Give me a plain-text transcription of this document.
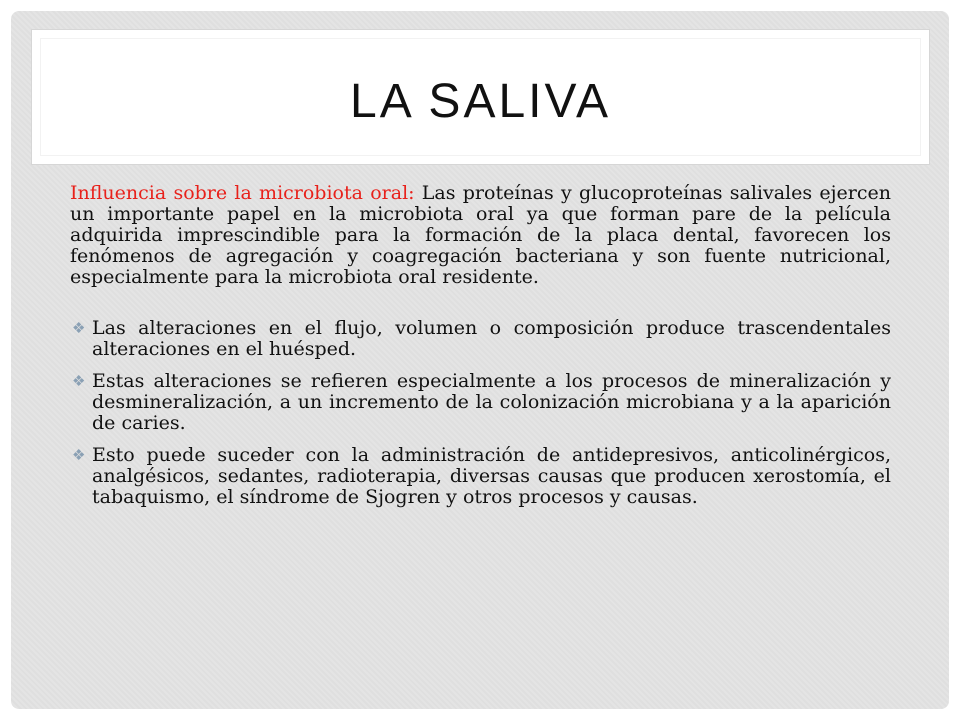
LA SALIVA

Influencia sobre la microbiota oral: Las proteínas y glucoproteínas salivales ejercen un importante papel en la microbiota oral ya que forman pare de la película adquirida imprescindible para la formación de la placa dental, favorecen los fenómenos de agregación y coagregación bacteriana y son fuente nutricional, especialmente para la microbiota oral residente.

❖ Las alteraciones en el flujo, volumen o composición produce trascendentales alteraciones en el huésped.
❖ Estas alteraciones se refieren especialmente a los procesos de mineralización y desmineralización, a un incremento de la colonización microbiana y a la aparición de caries.
❖ Esto puede suceder con la administración de antidepresivos, anticolinérgicos, analgésicos, sedantes, radioterapia, diversas causas que producen xerostomía, el tabaquismo, el síndrome de Sjogren y otros procesos y causas.
